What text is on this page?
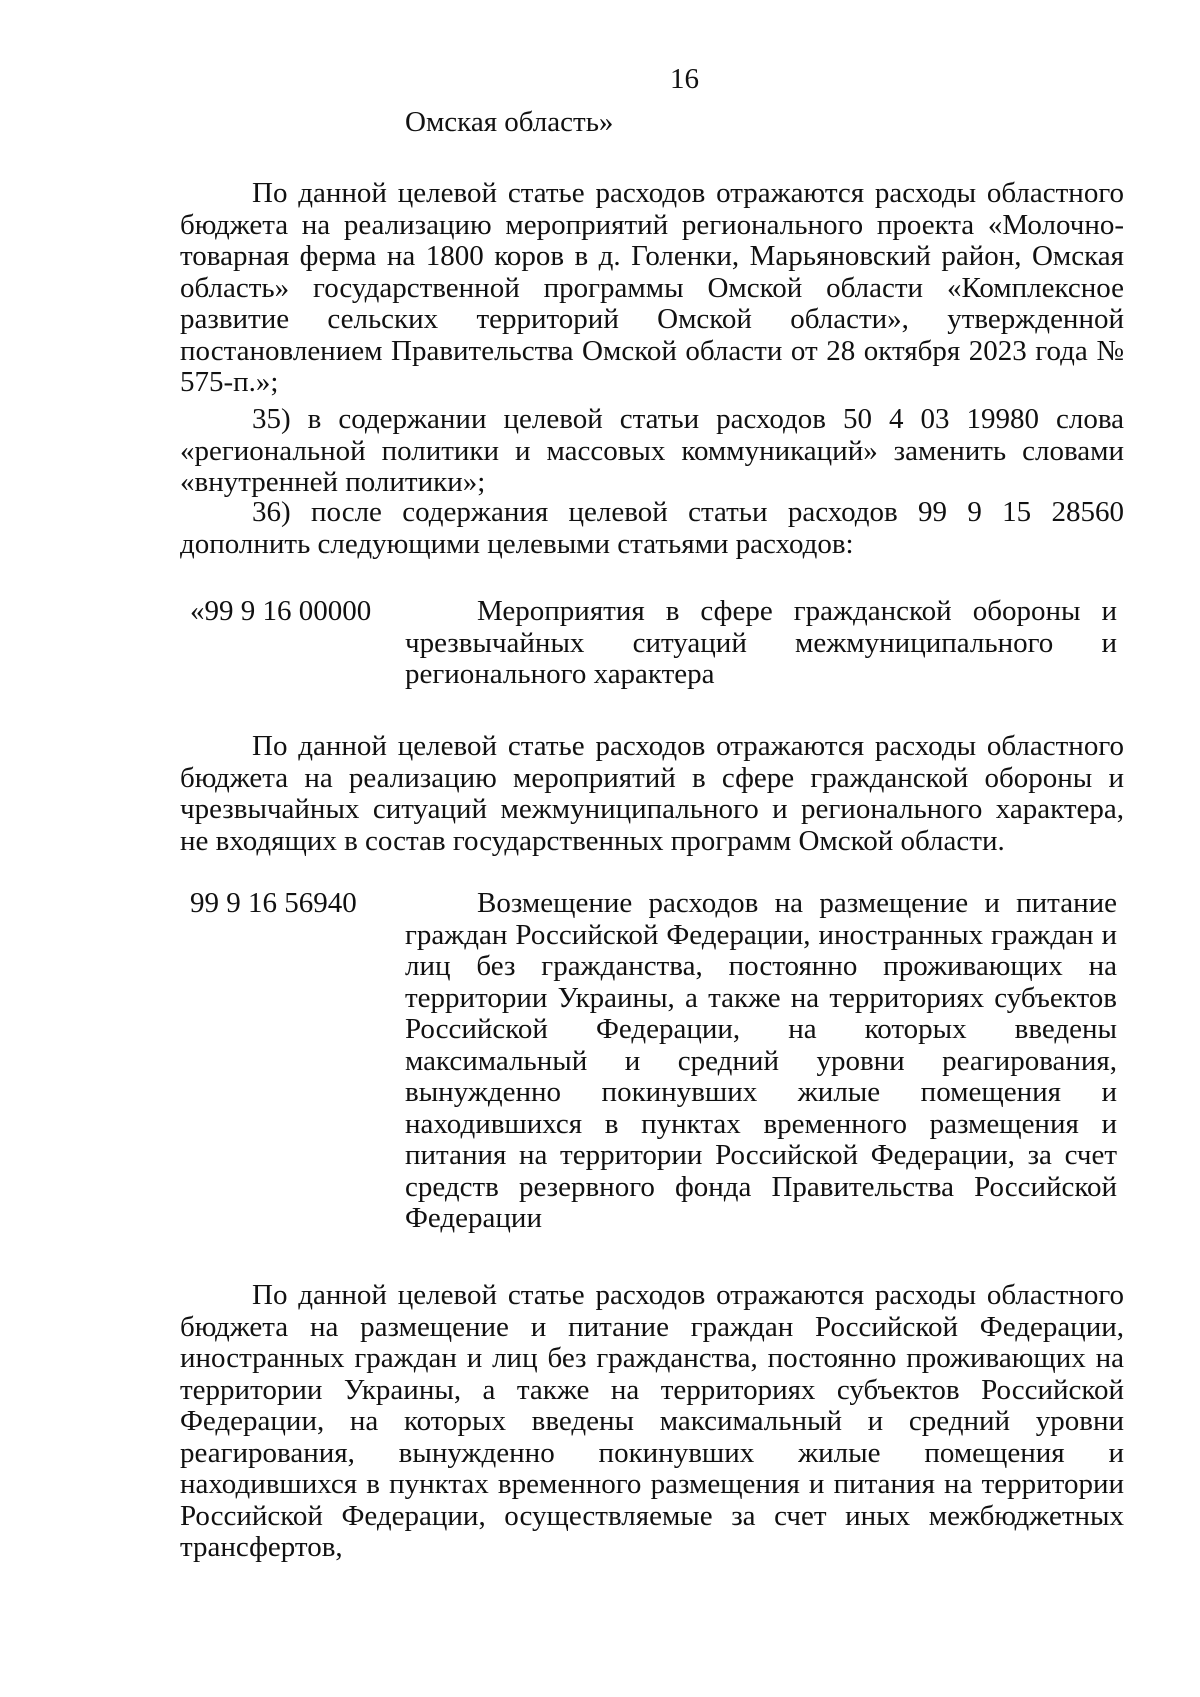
16
Омская область»

По данной целевой статье расходов отражаются расходы областного бюджета на реализацию мероприятий регионального проекта «Молочно-товарная ферма на 1800 коров в д. Голенки, Марьяновский район, Омская область» государственной программы Омской области «Комплексное развитие сельских территорий Омской области», утвержденной постановлением Правительства Омской области от 28 октября 2023 года № 575-п.»;

35) в содержании целевой статьи расходов 50 4 03 19980 слова «региональной политики и массовых коммуникаций» заменить словами «внутренней политики»;

36) после содержания целевой статьи расходов 99 9 15 28560 дополнить следующими целевыми статьями расходов:

«99 9 16 00000	Мероприятия в сфере гражданской обороны и чрезвычайных ситуаций межмуниципального и регионального характера

По данной целевой статье расходов отражаются расходы областного бюджета на реализацию мероприятий в сфере гражданской обороны и чрезвычайных ситуаций межмуниципального и регионального характера, не входящих в состав государственных программ Омской области.

99 9 16 56940	Возмещение расходов на размещение и питание граждан Российской Федерации, иностранных граждан и лиц без гражданства, постоянно проживающих на территории Украины, а также на территориях субъектов Российской Федерации, на которых введены максимальный и средний уровни реагирования, вынужденно покинувших жилые помещения и находившихся в пунктах временного размещения и питания на территории Российской Федерации, за счет средств резервного фонда Правительства Российской Федерации

По данной целевой статье расходов отражаются расходы областного бюджета на размещение и питание граждан Российской Федерации, иностранных граждан и лиц без гражданства, постоянно проживающих на территории Украины, а также на территориях субъектов Российской Федерации, на которых введены максимальный и средний уровни реагирования, вынужденно покинувших жилые помещения и находившихся в пунктах временного размещения и питания на территории Российской Федерации, осуществляемые за счет иных межбюджетных трансфертов,
